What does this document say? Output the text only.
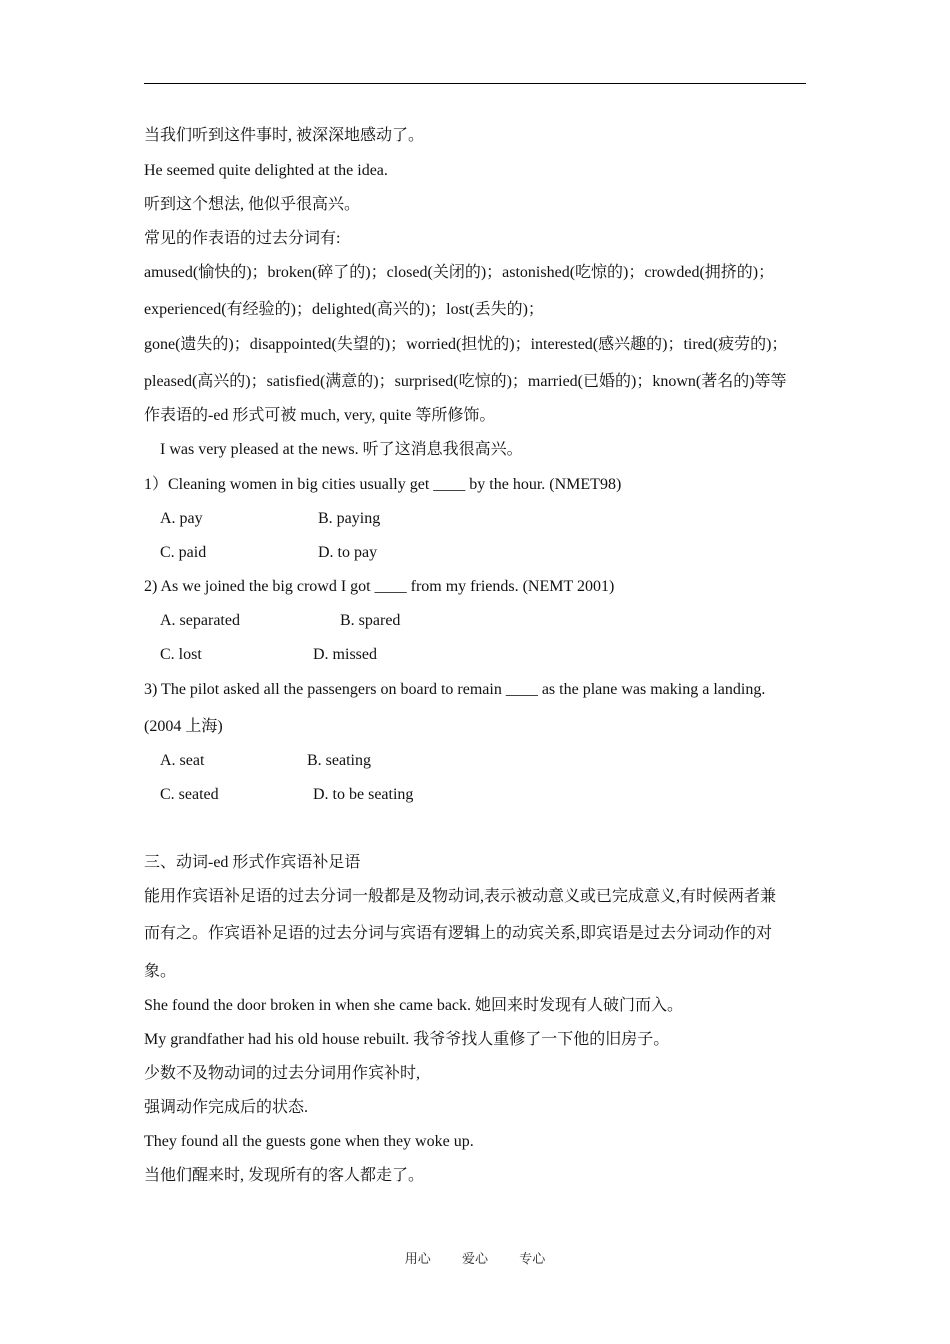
当我们听到这件事时, 被深深地感动了。
He seemed quite delighted at the idea.
听到这个想法, 他似乎很高兴。
常见的作表语的过去分词有:
amused(愉快的)；broken(碎了的)；closed(关闭的)；astonished(吃惊的)；crowded(拥挤的)；
experienced(有经验的)；delighted(高兴的)；lost(丢失的)；
gone(遗失的)；disappointed(失望的)；worried(担忧的)；interested(感兴趣的)；tired(疲劳的)；
pleased(高兴的)；satisfied(满意的)；surprised(吃惊的)；married(已婚的)；known(著名的)等等
作表语的-ed 形式可被 much, very, quite 等所修饰。
I was very pleased at the news. 听了这消息我很高兴。
1）Cleaning women in big cities usually get ____ by the hour. (NMET98)
A. pay	B. paying
C. paid	D. to pay
2) As we joined the big crowd I got ____ from my friends. (NEMT 2001)
A. separated	B. spared
C. lost	D. missed
3) The pilot asked all the passengers on board to remain ____ as the plane was making a landing.
(2004 上海)
A. seat	B. seating
C. seated	D. to be seating
三、动词-ed 形式作宾语补足语
能用作宾语补足语的过去分词一般都是及物动词,表示被动意义或已完成意义,有时候两者兼
而有之。作宾语补足语的过去分词与宾语有逻辑上的动宾关系,即宾语是过去分词动作的对
象。
She found the door broken in when she came back. 她回来时发现有人破门而入。
My grandfather had his old house rebuilt. 我爷爷找人重修了一下他的旧房子。
少数不及物动词的过去分词用作宾补时,
强调动作完成后的状态.
They found all the guests gone when they woke up.
当他们醒来时, 发现所有的客人都走了。
用心 爱心 专心
